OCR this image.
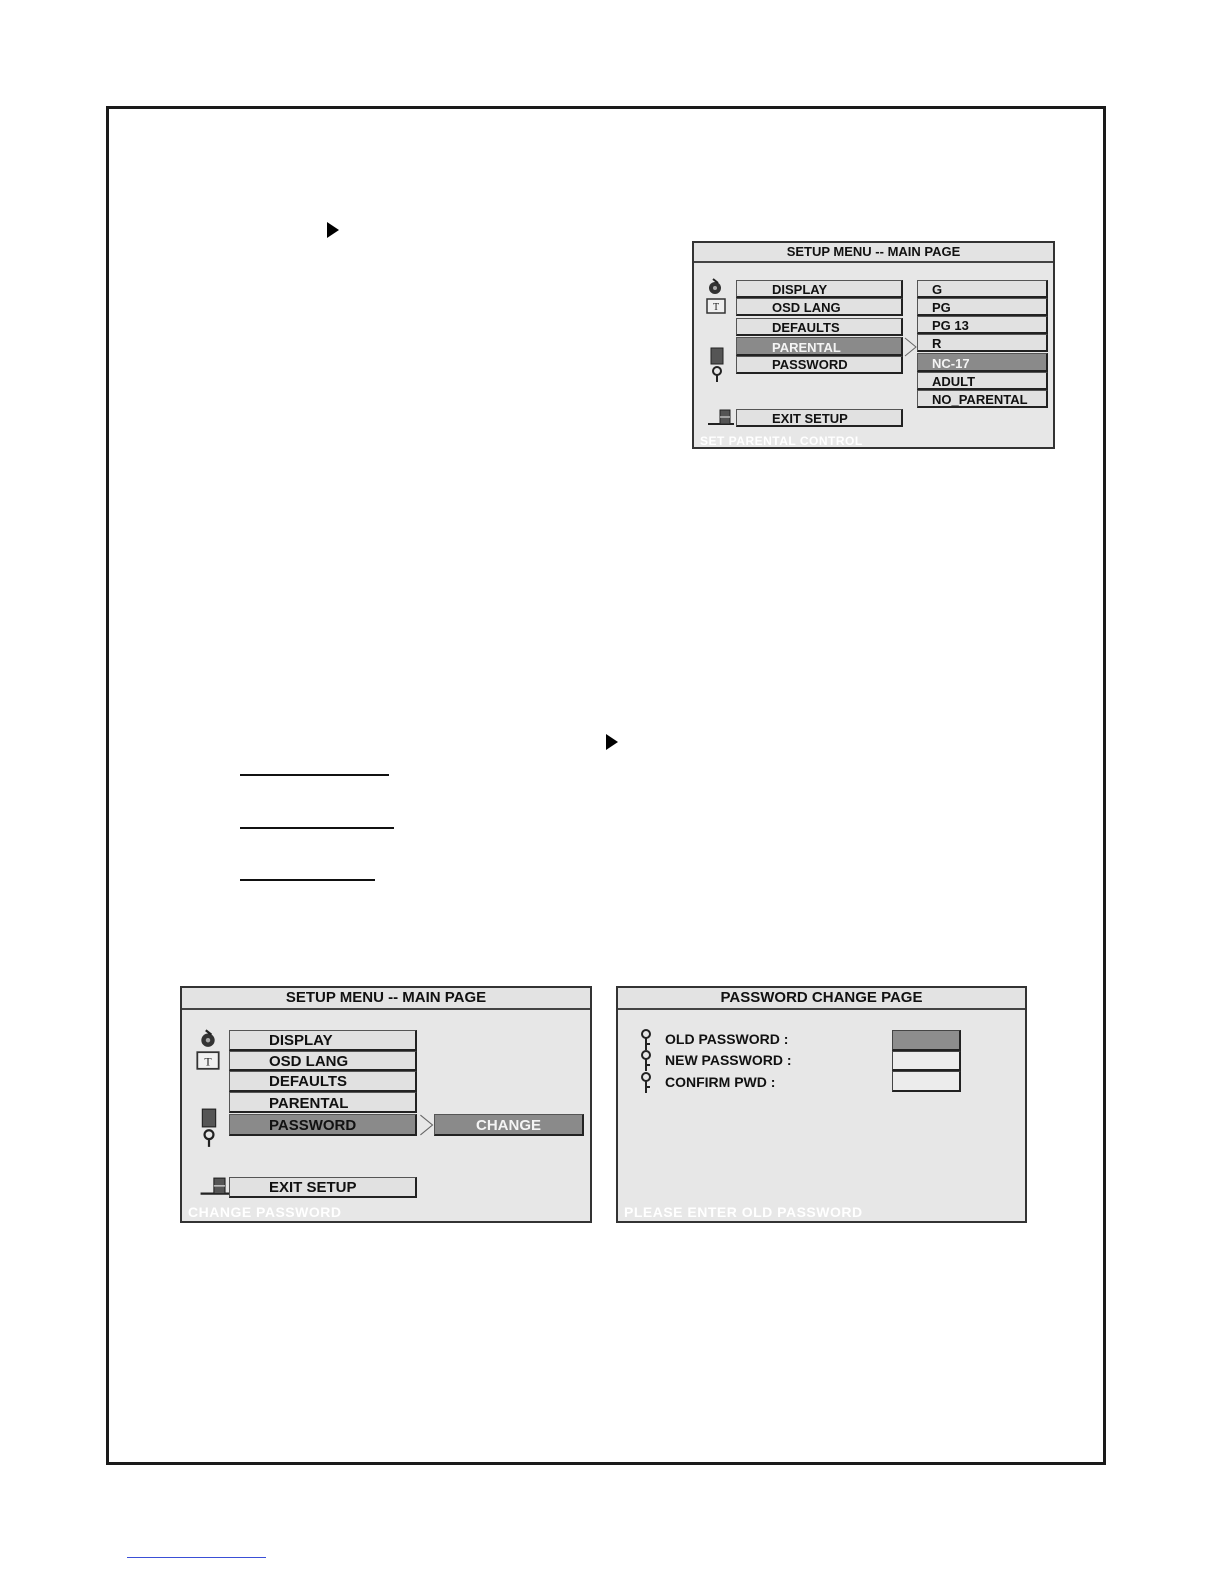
SETUP MENU -- MAIN PAGE
T
DISPLAY
OSD LANG
DEFAULTS
PARENTAL
PASSWORD
G
PG
PG 13
R
NC-17
ADULT
NO_PARENTAL
EXIT SETUP
SET PARENTAL CONTROL
SETUP MENU -- MAIN PAGE
T
DISPLAY
OSD LANG
DEFAULTS
PARENTAL
PASSWORD	CHANGE
EXIT SETUP
CHANGE PASSWORD
PASSWORD CHANGE PAGE
OLD PASSWORD :
NEW PASSWORD :
CONFIRM PWD :
PLEASE ENTER OLD PASSWORD
